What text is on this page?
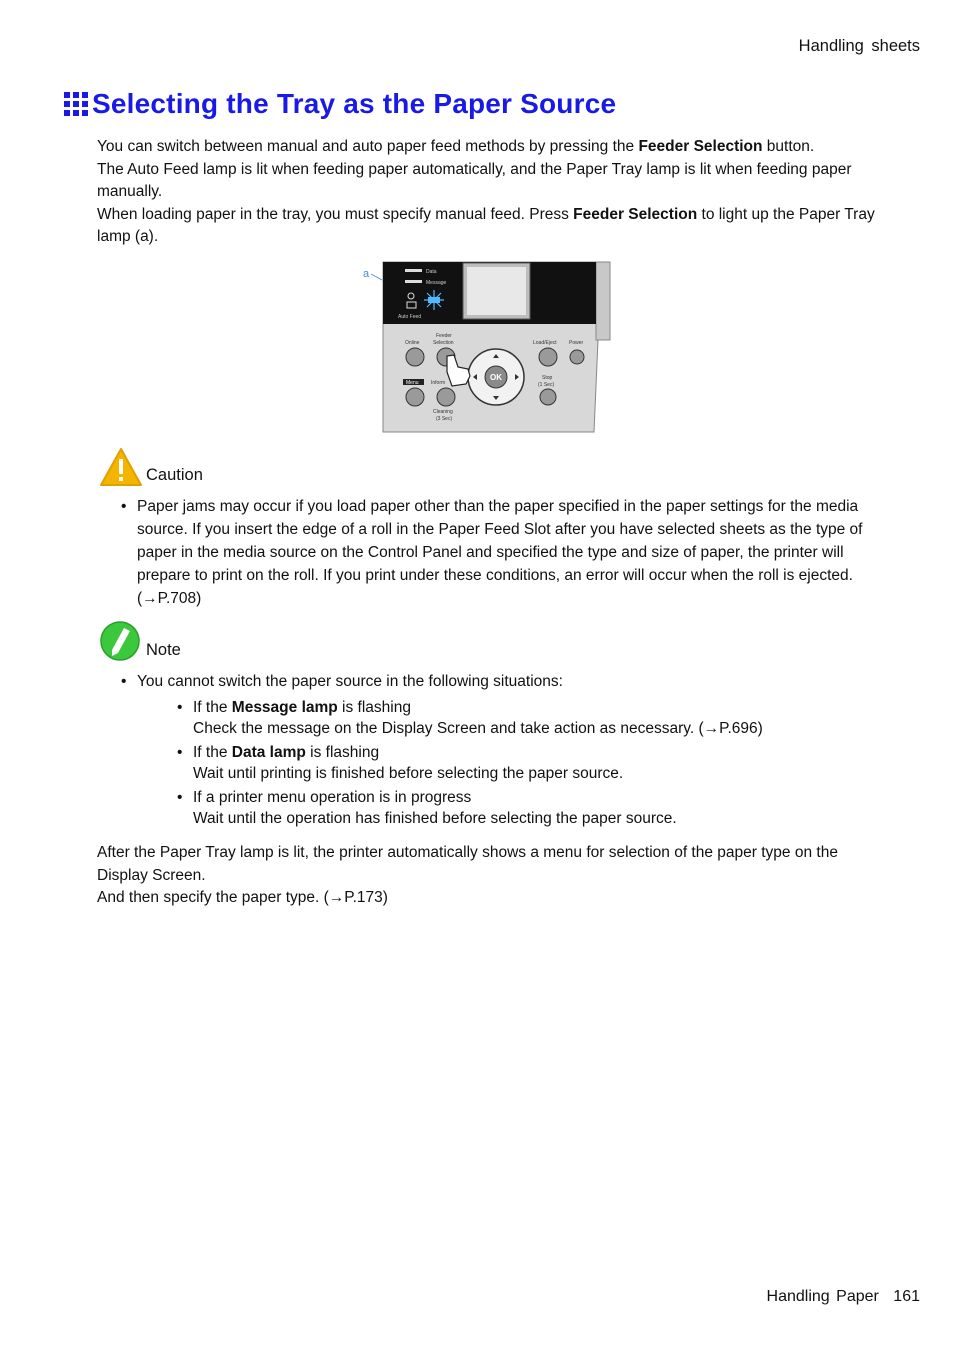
Handling sheets
Selecting the Tray as the Paper Source

You can switch between manual and auto paper feed methods by pressing the Feeder Selection button.

The Auto Feed lamp is lit when feeding paper automatically, and the Paper Tray lamp is lit when feeding paper manually.

When loading paper in the tray, you must specify manual feed. Press Feeder Selection to light up the Paper Tray lamp (a).

Data
Message
Auto Feed
a
Online
Feeder
Selection
Menu Inform
Cleaning
(3 Sec)
Load/Eject Power
Stop
(1 Sec)
OK
Caution
• Paper jams may occur if you load paper other than the paper specified in the paper settings for the media source. If you insert the edge of a roll in the Paper Feed Slot after you have selected sheets as the type of paper in the media source on the Control Panel and specified the type and size of paper, the printer will prepare to print on the roll. If you print under these conditions, an error will occur when the roll is ejected. (→P.708)
Note
• You cannot switch the paper source in the following situations:
• If the Message lamp is flashing
Check the message on the Display Screen and take action as necessary. (→P.696)
• If the Data lamp is flashing
Wait until printing is finished before selecting the paper source.
• If a printer menu operation is in progress
Wait until the operation has finished before selecting the paper source.

After the Paper Tray lamp is lit, the printer automatically shows a menu for selection of the paper type on the Display Screen.

And then specify the paper type. (→P.173)

Handling Paper 161
